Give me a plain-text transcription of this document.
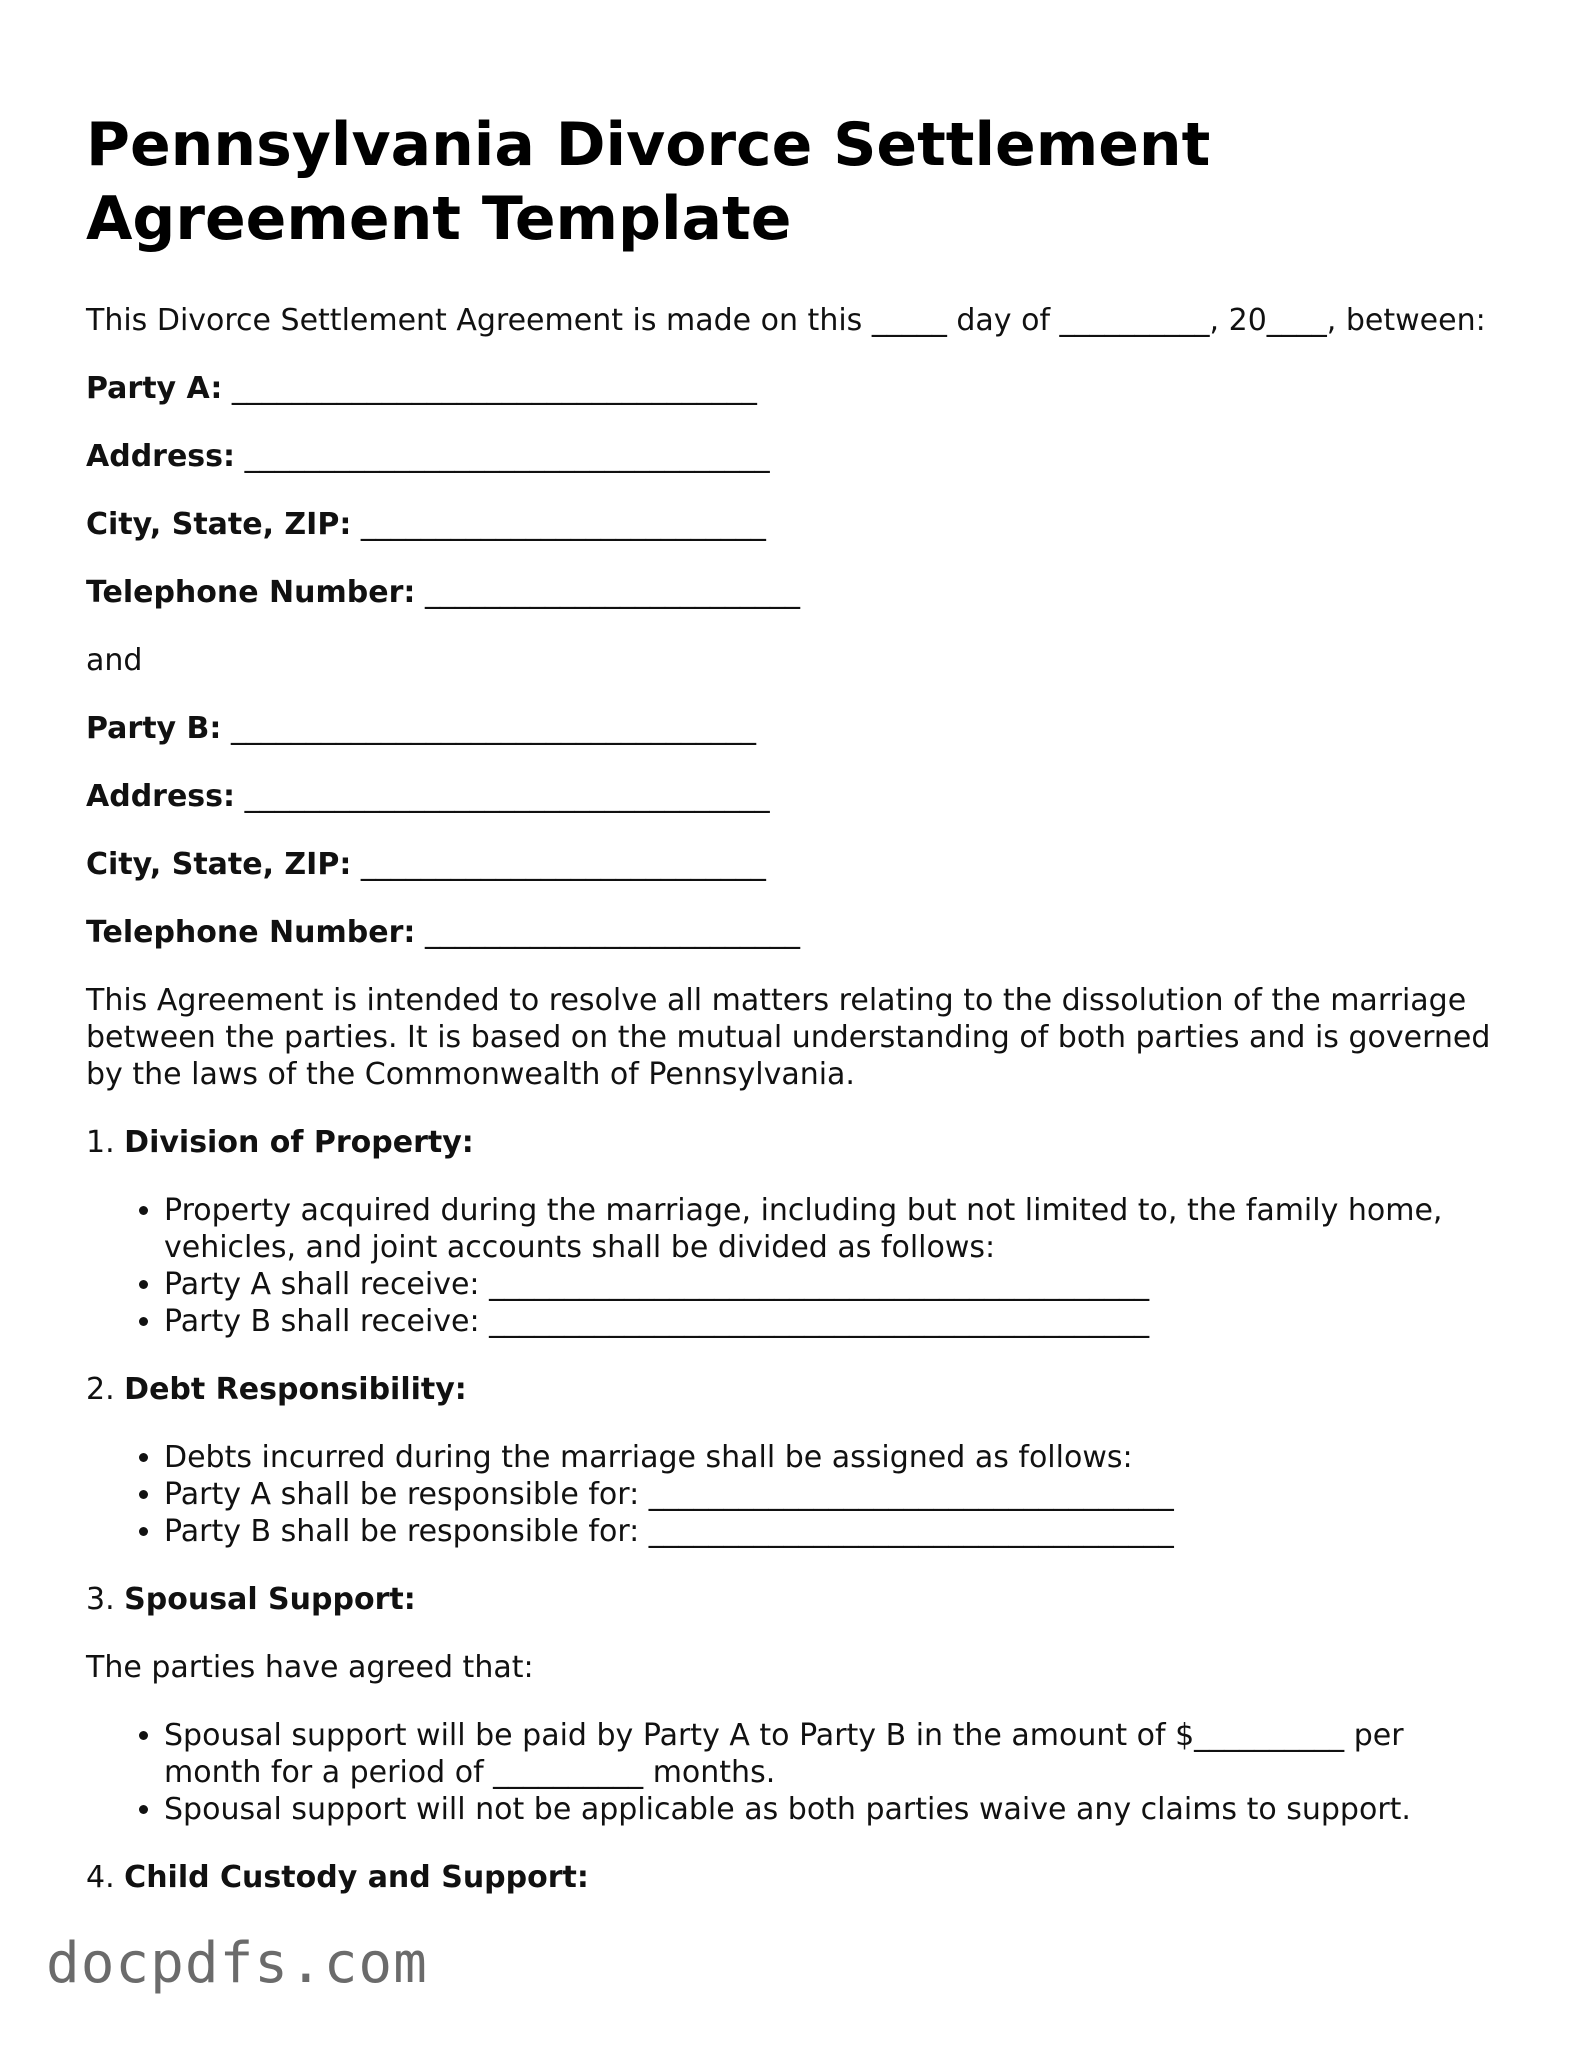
Pennsylvania Divorce Settlement Agreement Template

This Divorce Settlement Agreement is made on this _____ day of __________, 20____, between:

Party A: ___________________________________
Address: ___________________________________
City, State, ZIP: ___________________________
Telephone Number: _________________________

and

Party B: ___________________________________
Address: ___________________________________
City, State, ZIP: ___________________________
Telephone Number: _________________________

This Agreement is intended to resolve all matters relating to the dissolution of the marriage between the parties. It is based on the mutual understanding of both parties and is governed by the laws of the Commonwealth of Pennsylvania.

1. Division of Property:
• Property acquired during the marriage, including but not limited to, the family home, vehicles, and joint accounts shall be divided as follows:
• Party A shall receive: ____________________________________________
• Party B shall receive: ____________________________________________
2. Debt Responsibility:
• Debts incurred during the marriage shall be assigned as follows:
• Party A shall be responsible for: ___________________________________
• Party B shall be responsible for: ___________________________________
3. Spousal Support:

The parties have agreed that:

• Spousal support will be paid by Party A to Party B in the amount of $__________ per month for a period of __________ months.
• Spousal support will not be applicable as both parties waive any claims to support.
4. Child Custody and Support:
docpdfs.com
